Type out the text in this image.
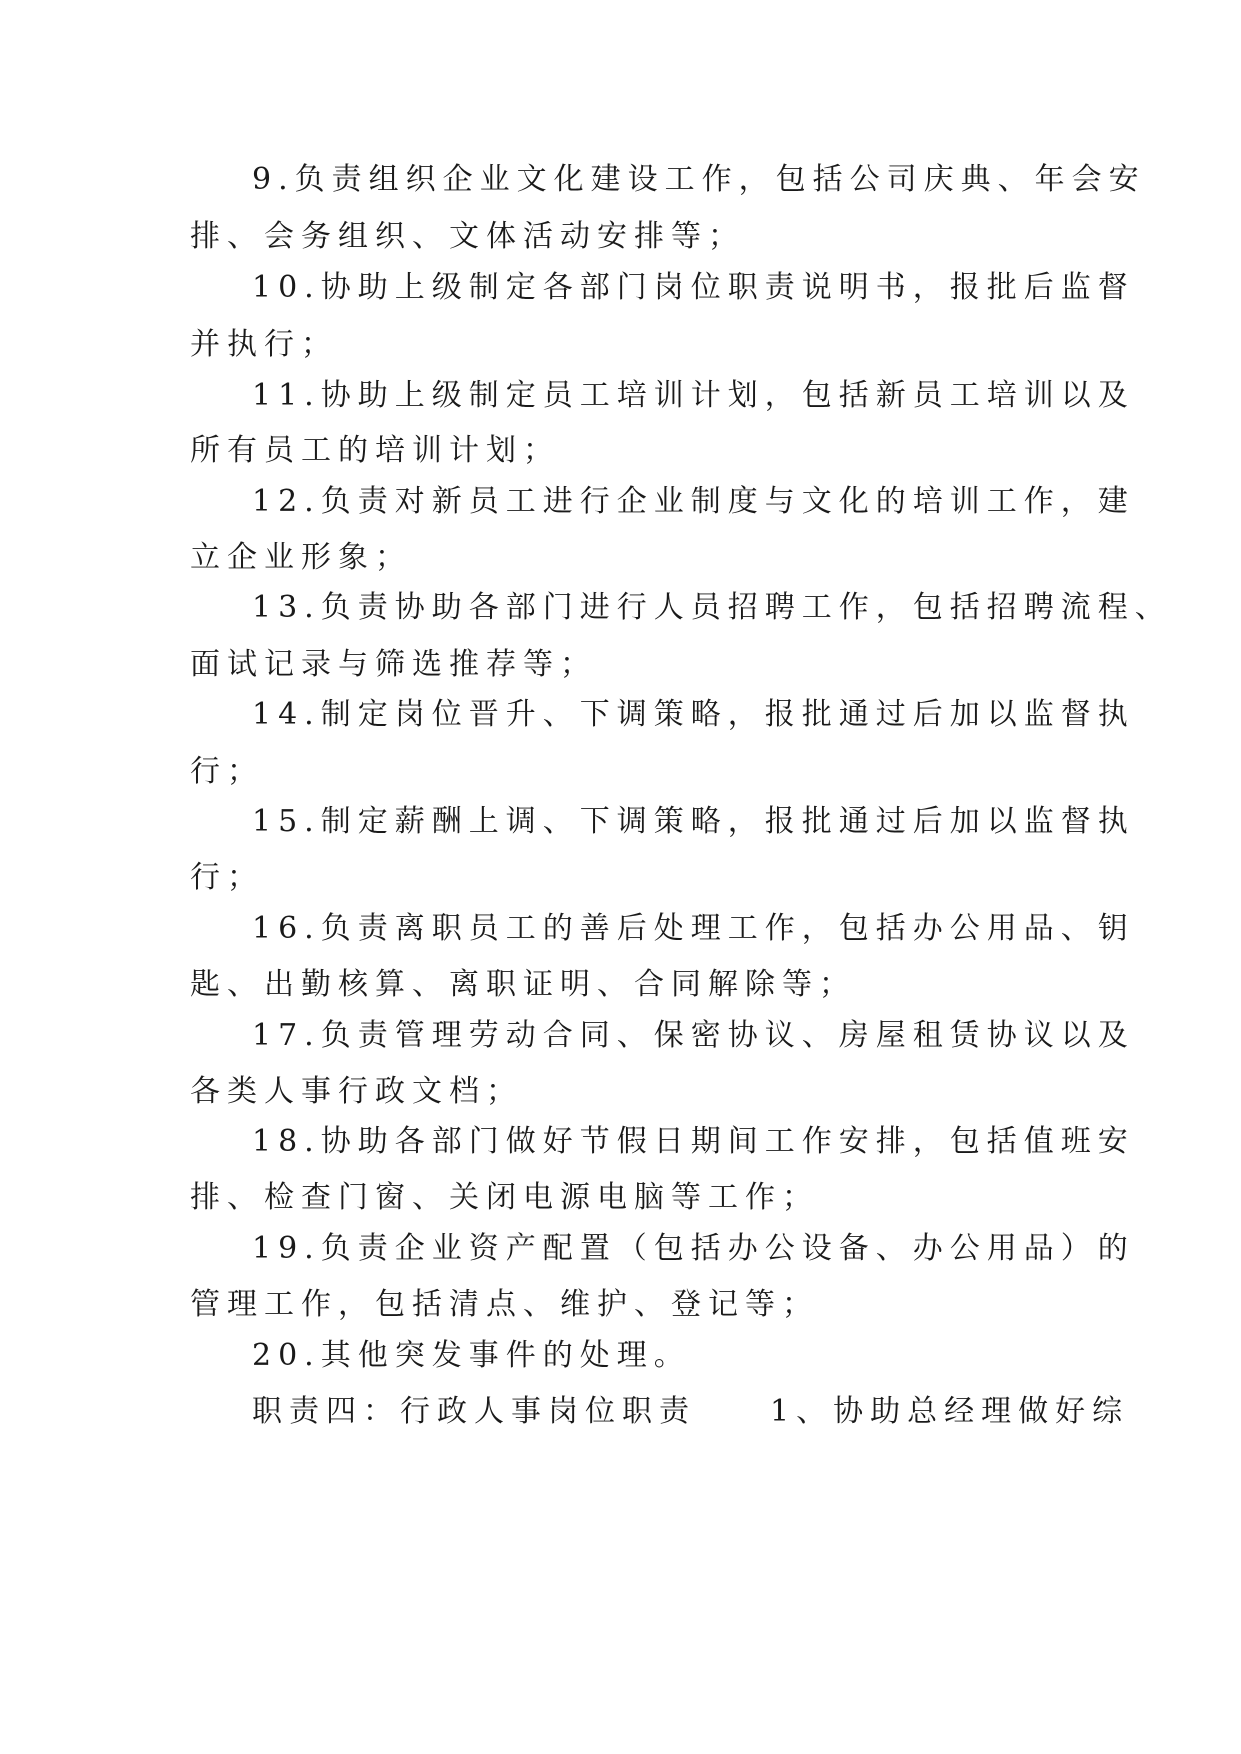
9.负责组织企业文化建设工作，包括公司庆典、年会安
排、会务组织、文体活动安排等；
10.协助上级制定各部门岗位职责说明书，报批后监督
并执行；
11.协助上级制定员工培训计划，包括新员工培训以及
所有员工的培训计划；
12.负责对新员工进行企业制度与文化的培训工作，建
立企业形象；
13.负责协助各部门进行人员招聘工作，包括招聘流程、
面试记录与筛选推荐等；
14.制定岗位晋升、下调策略，报批通过后加以监督执
行；
15.制定薪酬上调、下调策略，报批通过后加以监督执
行；
16.负责离职员工的善后处理工作，包括办公用品、钥
匙、出勤核算、离职证明、合同解除等；
17.负责管理劳动合同、保密协议、房屋租赁协议以及
各类人事行政文档；
18.协助各部门做好节假日期间工作安排，包括值班安
排、检查门窗、关闭电源电脑等工作；
19.负责企业资产配置（包括办公设备、办公用品）的
管理工作，包括清点、维护、登记等；
20.其他突发事件的处理。
职责四：行政人事岗位职责　　1、协助总经理做好综
